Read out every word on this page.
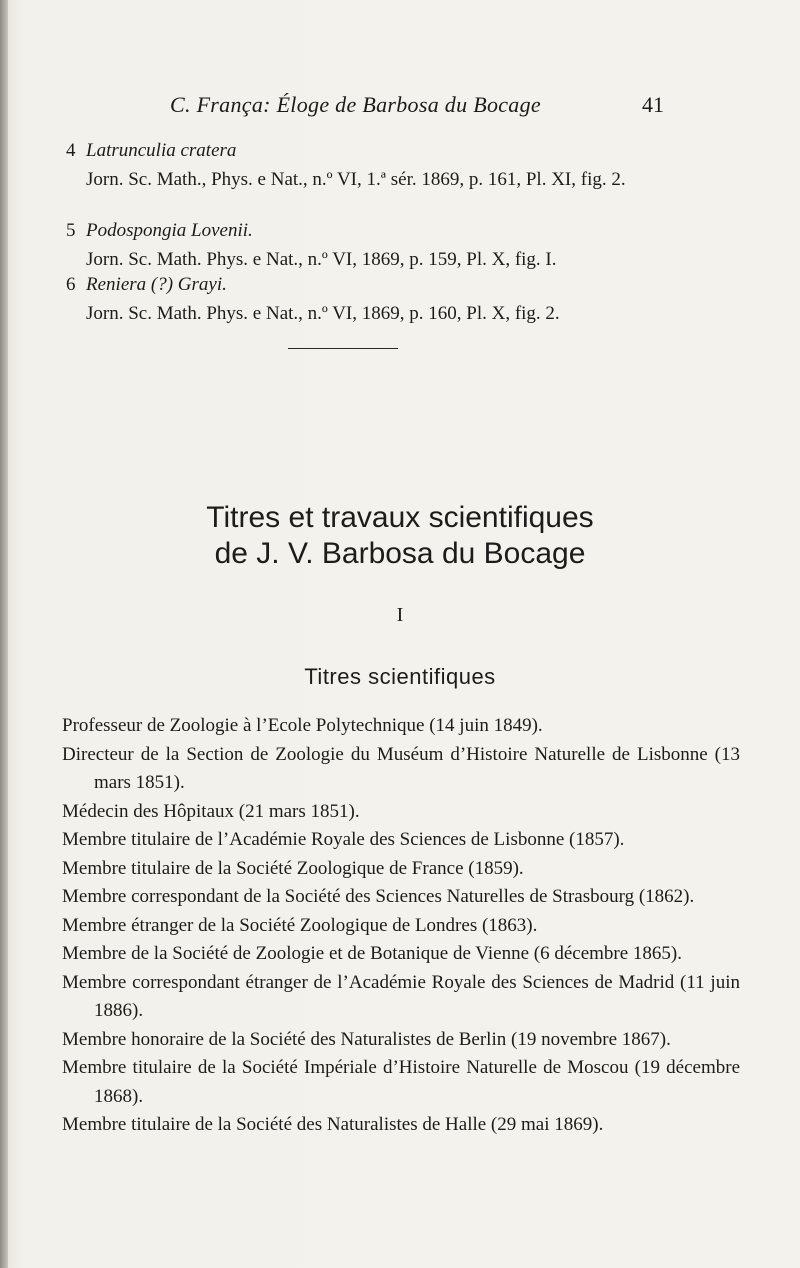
C. França: Éloge de Barbosa du Bocage	41
4 Latrunculia cratera
Jorn. Sc. Math., Phys. e Nat., n.º VI, 1.ª sér. 1869, p. 161, Pl. XI, fig. 2.
5 Podospongia Lovenii.
Jorn. Sc. Math. Phys. e Nat., n.º VI, 1869, p. 159, Pl. X, fig. I.
6 Reniera (?) Grayi.
Jorn. Sc. Math. Phys. e Nat., n.º VI, 1869, p. 160, Pl. X, fig. 2.
Titres et travaux scientifiques
de J. V. Barbosa du Bocage
I
Titres scientifiques
Professeur de Zoologie à l’Ecole Polytechnique (14 juin 1849).
Directeur de la Section de Zoologie du Muséum d’Histoire Naturelle de Lisbonne (13 mars 1851).
Médecin des Hôpitaux (21 mars 1851).
Membre titulaire de l’Académie Royale des Sciences de Lisbonne (1857).
Membre titulaire de la Société Zoologique de France (1859).
Membre correspondant de la Société des Sciences Naturelles de Strasbourg (1862).
Membre étranger de la Société Zoologique de Londres (1863).
Membre de la Société de Zoologie et de Botanique de Vienne (6 décembre 1865).
Membre correspondant étranger de l’Académie Royale des Sciences de Madrid (11 juin 1886).
Membre honoraire de la Société des Naturalistes de Berlin (19 novembre 1867).
Membre titulaire de la Société Impériale d’Histoire Naturelle de Moscou (19 décembre 1868).
Membre titulaire de la Société des Naturalistes de Halle (29 mai 1869).
